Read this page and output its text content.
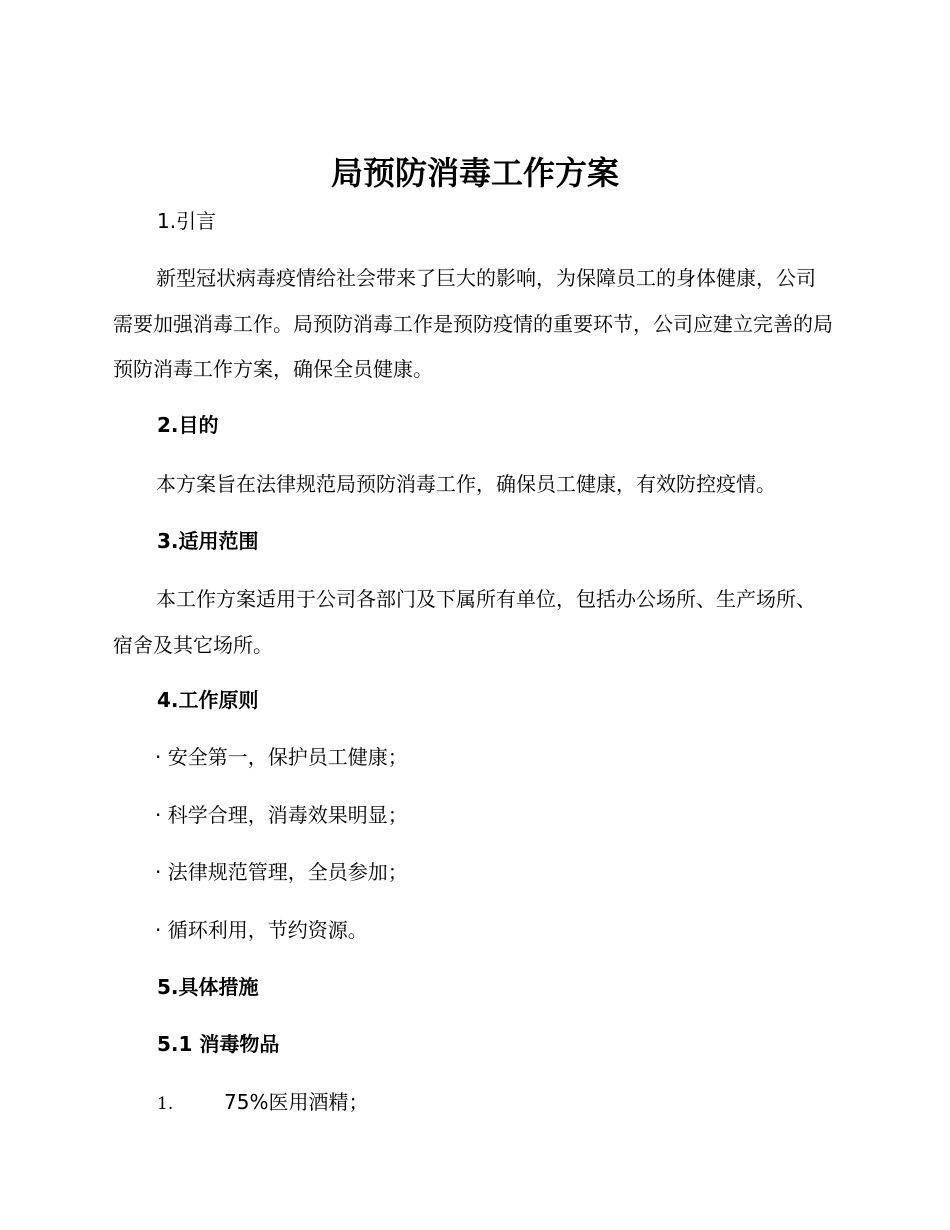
局预防消毒工作方案
1.引言
新型冠状病毒疫情给社会带来了巨大的影响，为保障员工的身体健康，公司需要加强消毒工作。局预防消毒工作是预防疫情的重要环节，公司应建立完善的局预防消毒工作方案，确保全员健康。
2.目的
本方案旨在法律规范局预防消毒工作，确保员工健康，有效防控疫情。
3.适用范围
本工作方案适用于公司各部门及下属所有单位，包括办公场所、生产场所、宿舍及其它场所。
4.工作原则
· 安全第一，保护员工健康；
· 科学合理，消毒效果明显；
· 法律规范管理，全员参加；
· 循环利用，节约资源。
5.具体措施
5.1 消毒物品
1.	75%医用酒精；
